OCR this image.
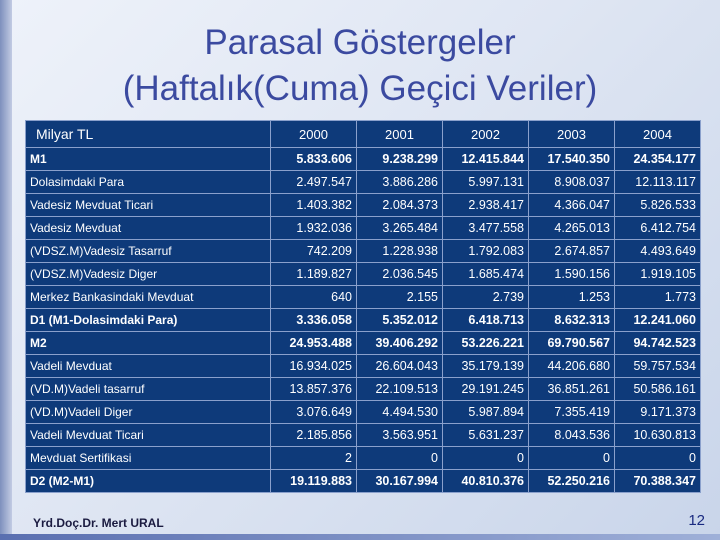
Parasal Göstergeler
(Haftalık(Cuma) Geçici Veriler)
Milyar TL	2000	2001	2002	2003	2004
M1	5.833.606	9.238.299	12.415.844	17.540.350	24.354.177
Dolasimdaki Para	2.497.547	3.886.286	5.997.131	8.908.037	12.113.117
Vadesiz Mevduat Ticari	1.403.382	2.084.373	2.938.417	4.366.047	5.826.533
Vadesiz Mevduat	1.932.036	3.265.484	3.477.558	4.265.013	6.412.754
(VDSZ.M)Vadesiz Tasarruf	742.209	1.228.938	1.792.083	2.674.857	4.493.649
(VDSZ.M)Vadesiz Diger	1.189.827	2.036.545	1.685.474	1.590.156	1.919.105
Merkez Bankasindaki Mevduat	640	2.155	2.739	1.253	1.773
D1 (M1-Dolasimdaki Para)	3.336.058	5.352.012	6.418.713	8.632.313	12.241.060
M2	24.953.488	39.406.292	53.226.221	69.790.567	94.742.523
Vadeli Mevduat	16.934.025	26.604.043	35.179.139	44.206.680	59.757.534
(VD.M)Vadeli tasarruf	13.857.376	22.109.513	29.191.245	36.851.261	50.586.161
(VD.M)Vadeli Diger	3.076.649	4.494.530	5.987.894	7.355.419	9.171.373
Vadeli Mevduat Ticari	2.185.856	3.563.951	5.631.237	8.043.536	10.630.813
Mevduat Sertifikasi	2	0	0	0	0
D2 (M2-M1)	19.119.883	30.167.994	40.810.376	52.250.216	70.388.347
Yrd.Doç.Dr. Mert URAL	12
